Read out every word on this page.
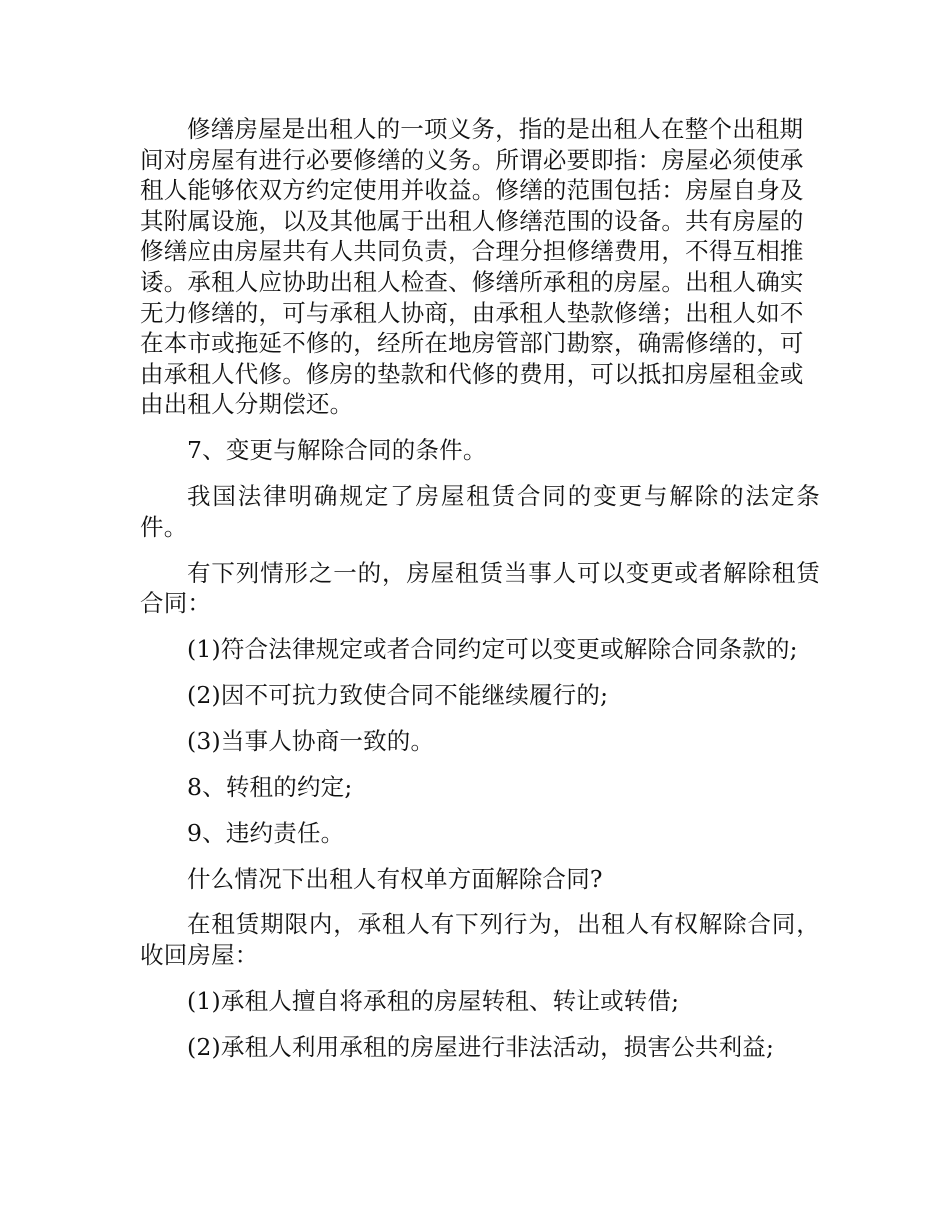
修缮房屋是出租人的一项义务，指的是出租人在整个出租期间对房屋有进行必要修缮的义务。所谓必要即指：房屋必须使承租人能够依双方约定使用并收益。修缮的范围包括：房屋自身及其附属设施，以及其他属于出租人修缮范围的设备。共有房屋的修缮应由房屋共有人共同负责，合理分担修缮费用，不得互相推诿。承租人应协助出租人检查、修缮所承租的房屋。出租人确实无力修缮的，可与承租人协商，由承租人垫款修缮；出租人如不在本市或拖延不修的，经所在地房管部门勘察，确需修缮的，可由承租人代修。修房的垫款和代修的费用，可以抵扣房屋租金或由出租人分期偿还。

7、变更与解除合同的条件。

我国法律明确规定了房屋租赁合同的变更与解除的法定条件。

有下列情形之一的，房屋租赁当事人可以变更或者解除租赁合同：

(1)符合法律规定或者合同约定可以变更或解除合同条款的;

(2)因不可抗力致使合同不能继续履行的;

(3)当事人协商一致的。

8、转租的约定;

9、违约责任。

什么情况下出租人有权单方面解除合同?

在租赁期限内，承租人有下列行为，出租人有权解除合同，收回房屋：

(1)承租人擅自将承租的房屋转租、转让或转借;

(2)承租人利用承租的房屋进行非法活动，损害公共利益;
